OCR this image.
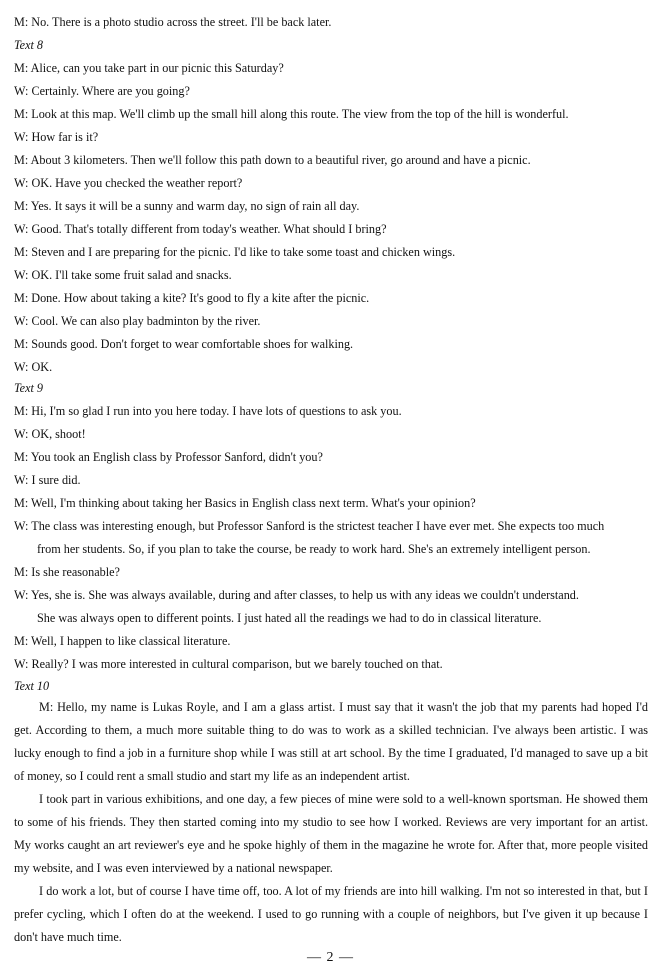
M: No. There is a photo studio across the street. I'll be back later.
Text 8
M: Alice, can you take part in our picnic this Saturday?
W: Certainly. Where are you going?
M: Look at this map. We'll climb up the small hill along this route. The view from the top of the hill is wonderful.
W: How far is it?
M: About 3 kilometers. Then we'll follow this path down to a beautiful river, go around and have a picnic.
W: OK. Have you checked the weather report?
M: Yes. It says it will be a sunny and warm day, no sign of rain all day.
W: Good. That's totally different from today's weather. What should I bring?
M: Steven and I are preparing for the picnic. I'd like to take some toast and chicken wings.
W: OK. I'll take some fruit salad and snacks.
M: Done. How about taking a kite? It's good to fly a kite after the picnic.
W: Cool. We can also play badminton by the river.
M: Sounds good. Don't forget to wear comfortable shoes for walking.
W: OK.
Text 9
M: Hi, I'm so glad I run into you here today. I have lots of questions to ask you.
W: OK, shoot!
M: You took an English class by Professor Sanford, didn't you?
W: I sure did.
M: Well, I'm thinking about taking her Basics in English class next term. What's your opinion?
W: The class was interesting enough, but Professor Sanford is the strictest teacher I have ever met. She expects too much
from her students. So, if you plan to take the course, be ready to work hard. She's an extremely intelligent person.
M: Is she reasonable?
W: Yes, she is. She was always available, during and after classes, to help us with any ideas we couldn't understand.
She was always open to different points. I just hated all the readings we had to do in classical literature.
M: Well, I happen to like classical literature.
W: Really? I was more interested in cultural comparison, but we barely touched on that.
Text 10
M: Hello, my name is Lukas Royle, and I am a glass artist. I must say that it wasn't the job that my parents had hoped I'd get. According to them, a much more suitable thing to do was to work as a skilled technician. I've always been artistic. I was lucky enough to find a job in a furniture shop while I was still at art school. By the time I graduated, I'd managed to save up a bit of money, so I could rent a small studio and start my life as an independent artist.
I took part in various exhibitions, and one day, a few pieces of mine were sold to a well-known sportsman. He showed them to some of his friends. They then started coming into my studio to see how I worked. Reviews are very important for an artist. My works caught an art reviewer's eye and he spoke highly of them in the magazine he wrote for. After that, more people visited my website, and I was even interviewed by a national newspaper.
I do work a lot, but of course I have time off, too. A lot of my friends are into hill walking. I'm not so interested in that, but I prefer cycling, which I often do at the weekend. I used to go running with a couple of neighbors, but I've given it up because I don't have much time.
— 2 —
